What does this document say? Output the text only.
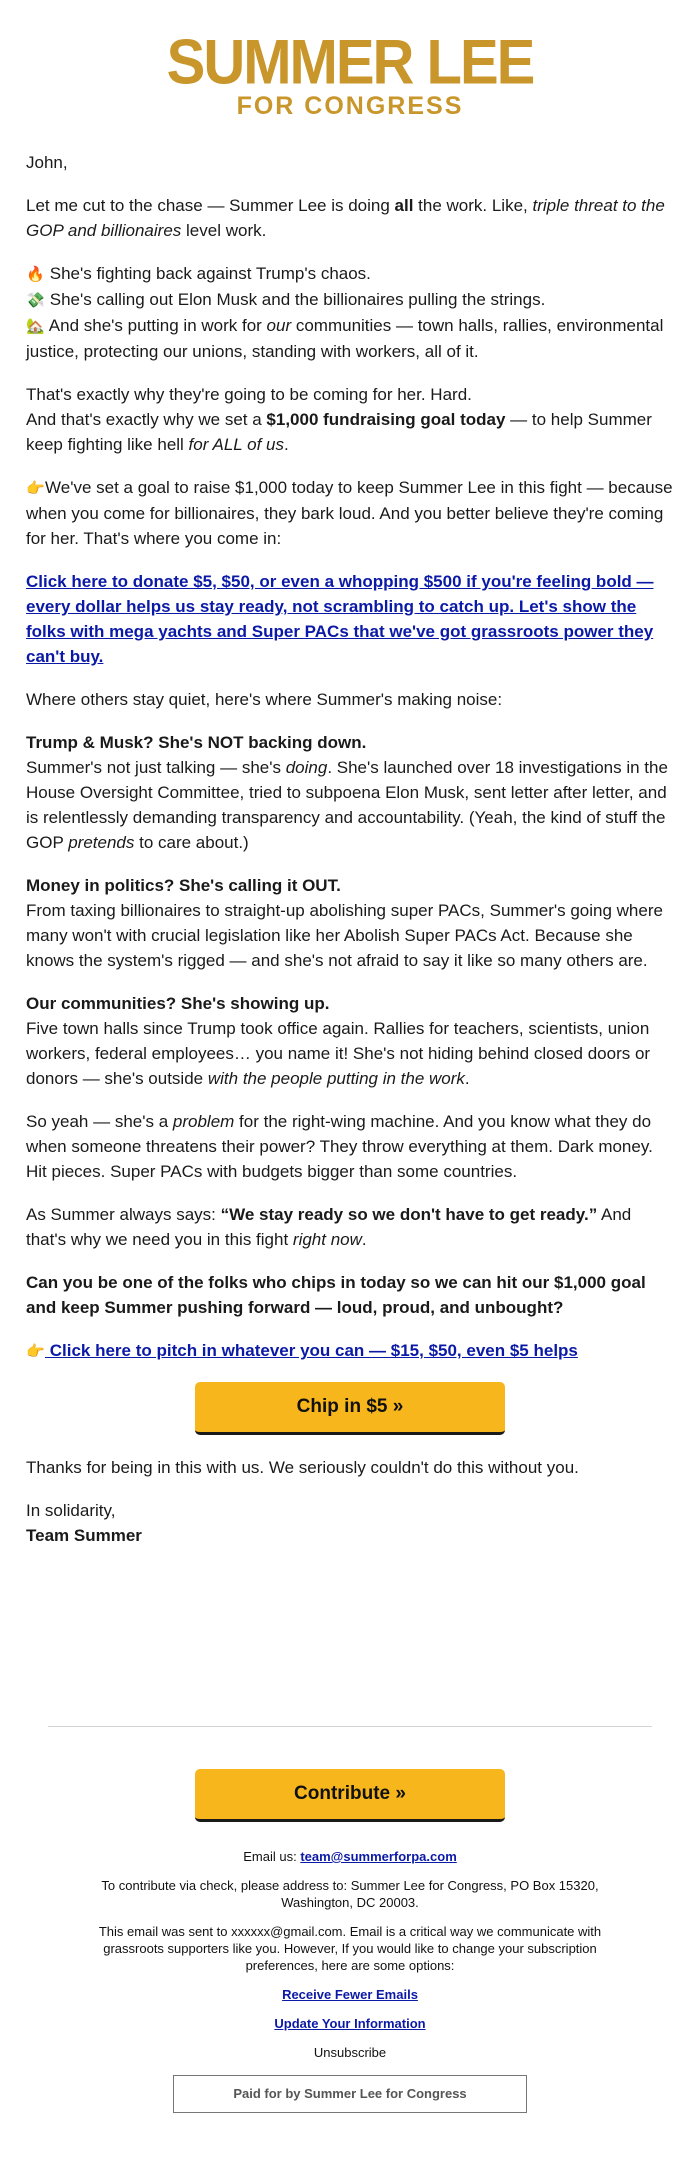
SUMMER LEE
FOR CONGRESS

John,

Let me cut to the chase — Summer Lee is doing all the work. Like, triple threat to the GOP and billionaires level work.

🔥 She's fighting back against Trump's chaos.
💸 She's calling out Elon Musk and the billionaires pulling the strings.
🏡 And she's putting in work for our communities — town halls, rallies, environmental justice, protecting our unions, standing with workers, all of it.

That's exactly why they're going to be coming for her. Hard.
And that's exactly why we set a $1,000 fundraising goal today — to help Summer keep fighting like hell for ALL of us.

👉We've set a goal to raise $1,000 today to keep Summer Lee in this fight — because when you come for billionaires, they bark loud. And you better believe they're coming for her. That's where you come in:

Click here to donate $5, $50, or even a whopping $500 if you're feeling bold — every dollar helps us stay ready, not scrambling to catch up. Let's show the folks with mega yachts and Super PACs that we've got grassroots power they can't buy.

Where others stay quiet, here's where Summer's making noise:

Trump & Musk? She's NOT backing down.
Summer's not just talking — she's doing. She's launched over 18 investigations in the House Oversight Committee, tried to subpoena Elon Musk, sent letter after letter, and is relentlessly demanding transparency and accountability. (Yeah, the kind of stuff the GOP pretends to care about.)

Money in politics? She's calling it OUT.
From taxing billionaires to straight-up abolishing super PACs, Summer's going where many won't with crucial legislation like her Abolish Super PACs Act. Because she knows the system's rigged — and she's not afraid to say it like so many others are.

Our communities? She's showing up.
Five town halls since Trump took office again. Rallies for teachers, scientists, union workers, federal employees… you name it! She's not hiding behind closed doors or donors — she's outside with the people putting in the work.

So yeah — she's a problem for the right-wing machine. And you know what they do when someone threatens their power? They throw everything at them. Dark money. Hit pieces. Super PACs with budgets bigger than some countries.

As Summer always says: “We stay ready so we don't have to get ready.” And that's why we need you in this fight right now.

Can you be one of the folks who chips in today so we can hit our $1,000 goal and keep Summer pushing forward — loud, proud, and unbought?

👉 Click here to pitch in whatever you can — $15, $50, even $5 helps

Chip in $5 »

Thanks for being in this with us. We seriously couldn't do this without you.

In solidarity,
Team Summer

Contribute »

Email us: team@summerforpa.com

To contribute via check, please address to: Summer Lee for Congress, PO Box 15320, Washington, DC 20003.

This email was sent to xxxxxx@gmail.com. Email is a critical way we communicate with grassroots supporters like you. However, If you would like to change your subscription preferences, here are some options:

Receive Fewer Emails

Update Your Information

Unsubscribe

Paid for by Summer Lee for Congress
